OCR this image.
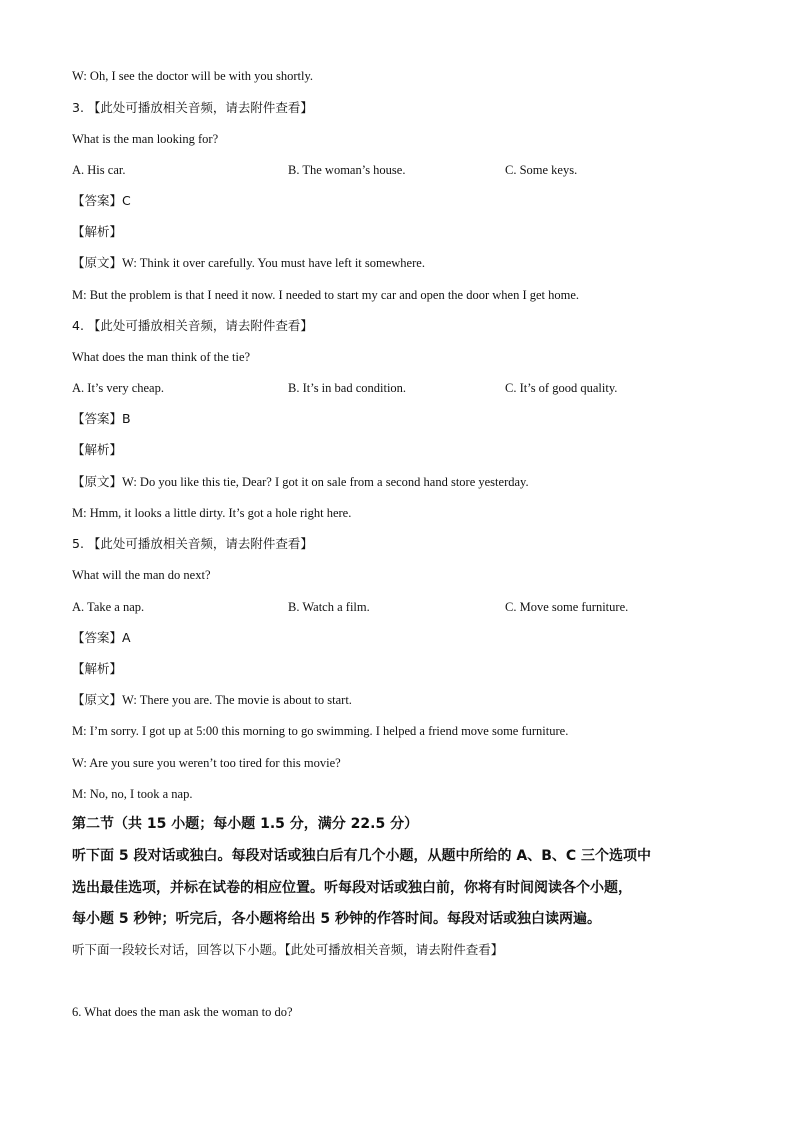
W: Oh, I see the doctor will be with you shortly.
3. 【此处可播放相关音频，请去附件查看】
What is the man looking for?
A. His car.	B. The woman’s house.	C. Some keys.
【答案】C
【解析】
【原文】W: Think it over carefully. You must have left it somewhere.
M: But the problem is that I need it now. I needed to start my car and open the door when I get home.
4. 【此处可播放相关音频，请去附件查看】
What does the man think of the tie?
A. It’s very cheap.	B. It’s in bad condition.	C. It’s of good quality.
【答案】B
【解析】
【原文】W: Do you like this tie, Dear? I got it on sale from a second hand store yesterday.
M: Hmm, it looks a little dirty. It’s got a hole right here.
5. 【此处可播放相关音频，请去附件查看】
What will the man do next?
A. Take a nap.	B. Watch a film.	C. Move some furniture.
【答案】A
【解析】
【原文】W: There you are. The movie is about to start.
M: I’m sorry. I got up at 5:00 this morning to go swimming. I helped a friend move some furniture.
W: Are you sure you weren’t too tired for this movie?
M: No, no, I took a nap.
第二节（共 15 小题；每小题 1.5 分，满分 22.5 分）
听下面 5 段对话或独白。每段对话或独白后有几个小题，从题中所给的 A、B、C 三个选项中
选出最佳选项，并标在试卷的相应位置。听每段对话或独白前，你将有时间阅读各个小题，
每小题 5 秒钟；听完后，各小题将给出 5 秒钟的作答时间。每段对话或独白读两遍。
听下面一段较长对话，回答以下小题。【此处可播放相关音频，请去附件查看】
6. What does the man ask the woman to do?
